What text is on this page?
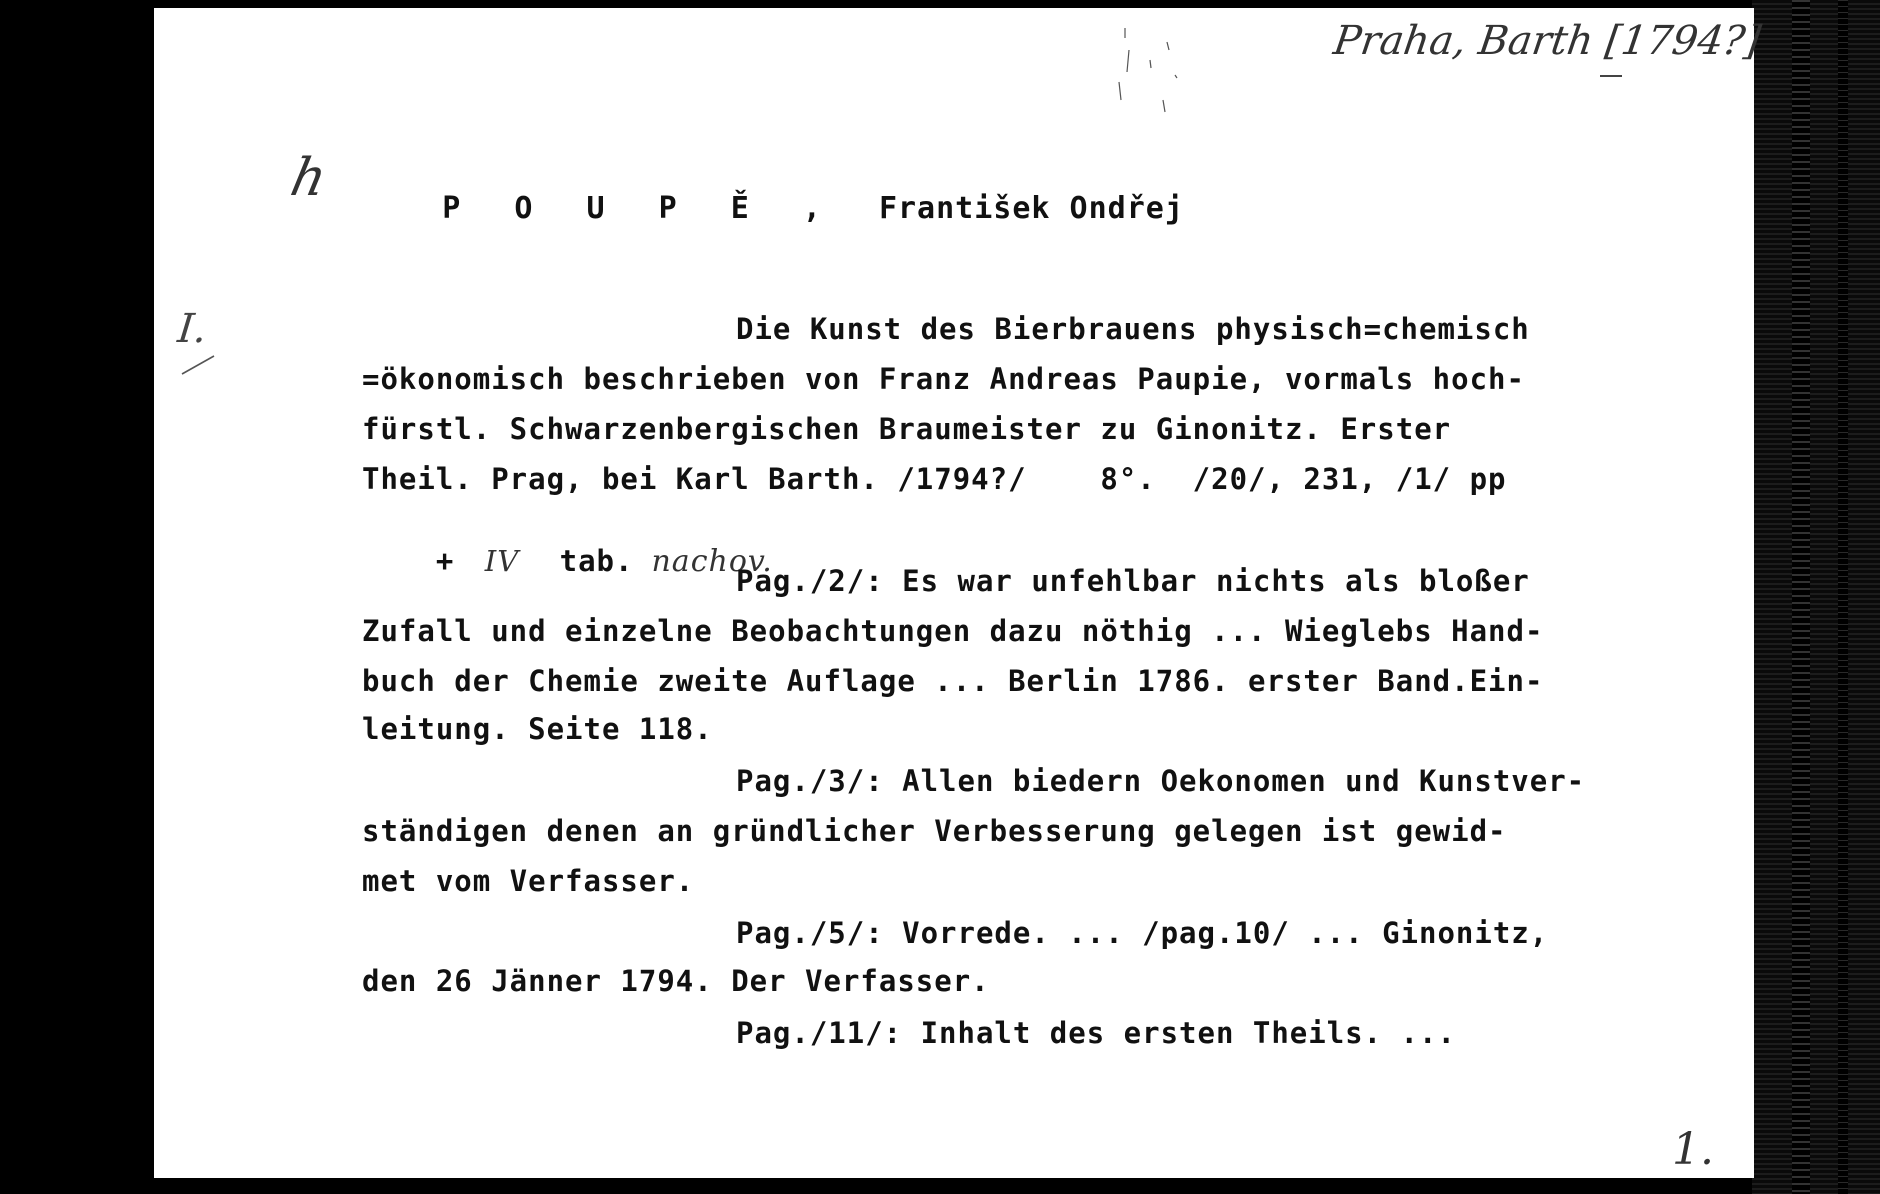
Praha, Barth [1794?]
h
I.

P O U P Ě , František Ondřej

Die Kunst des Bierbrauens physisch=chemisch

=ökonomisch beschrieben von Franz Andreas Paupie, vormals hoch-

fürstl. Schwarzenbergischen Braumeister zu Ginonitz. Erster

Theil. Prag, bei Karl Barth. /1794?/    8°.  /20/, 231, /1/ pp

+ IV tab. nachov.

Pag./2/: Es war unfehlbar nichts als bloßer

Zufall und einzelne Beobachtungen dazu nöthig ... Wieglebs Hand-

buch der Chemie zweite Auflage ... Berlin 1786. erster Band.Ein-

leitung. Seite 118.

Pag./3/: Allen biedern Oekonomen und Kunstver-

ständigen denen an gründlicher Verbesserung gelegen ist gewid-

met vom Verfasser.

Pag./5/: Vorrede. ... /pag.10/ ... Ginonitz,

den 26 Jänner 1794. Der Verfasser.

Pag./11/: Inhalt des ersten Theils. ...

1.
